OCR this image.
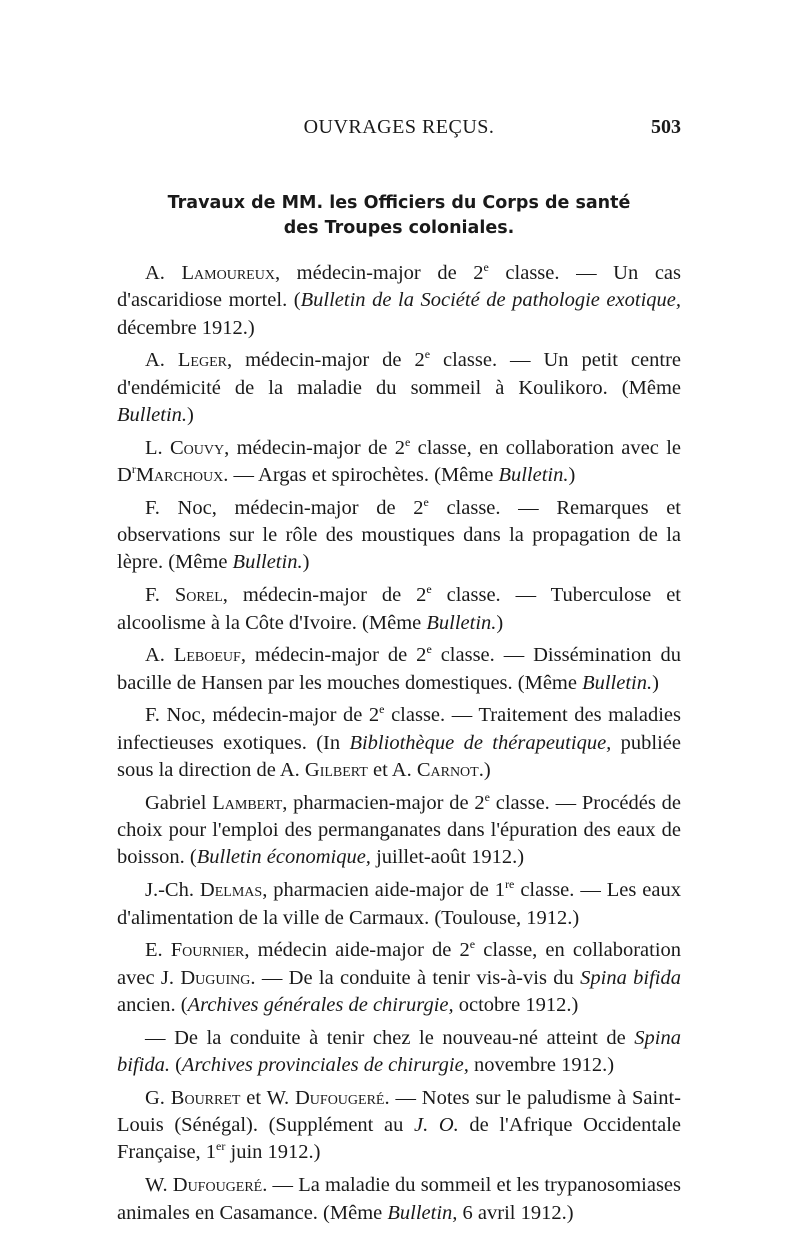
OUVRAGES REÇUS.	503
Travaux de MM. les Officiers du Corps de santé
des Troupes coloniales.

A. Lamoureux, médecin-major de 2e classe. — Un cas d'ascaridiose mortel. (Bulletin de la Société de pathologie exotique, décembre 1912.)

A. Leger, médecin-major de 2e classe. — Un petit centre d'endémicité de la maladie du sommeil à Koulikoro. (Même Bulletin.)

L. Couvy, médecin-major de 2e classe, en collaboration avec le $D^rMarchoux$. — Argas et spirochètes. (Même Bulletin.)

F. Noc, médecin-major de 2e classe. — Remarques et observations sur le rôle des moustiques dans la propagation de la lèpre. (Même Bulletin.)

F. Sorel, médecin-major de 2e classe. — Tuberculose et alcoolisme à la Côte d'Ivoire. (Même Bulletin.)

A. Leboeuf, médecin-major de 2e classe. — Dissémination du bacille de Hansen par les mouches domestiques. (Même Bulletin.)

F. Noc, médecin-major de 2e classe. — Traitement des maladies infectieuses exotiques. (In Bibliothèque de thérapeutique, publiée sous la direction de A. Gilbert et A. Carnot.)

Gabriel Lambert, pharmacien-major de 2e classe. — Procédés de choix pour l'emploi des permanganates dans l'épuration des eaux de boisson. (Bulletin économique, juillet-août 1912.)

J.-Ch. Delmas, pharmacien aide-major de 1re classe. — Les eaux d'alimentation de la ville de Carmaux. (Toulouse, 1912.)

E. Fournier, médecin aide-major de 2e classe, en collaboration avec J. Duguing. — De la conduite à tenir vis-à-vis du Spina bifida ancien. (Archives générales de chirurgie, octobre 1912.)

— De la conduite à tenir chez le nouveau-né atteint de Spina bifida. (Archives provinciales de chirurgie, novembre 1912.)

G. Bourret et W. Dufougeré. — Notes sur le paludisme à Saint-Louis (Sénégal). (Supplément au J. O. de l'Afrique Occidentale Française, 1er juin 1912.)

W. Dufougeré. — La maladie du sommeil et les trypanosomiases animales en Casamance. (Même Bulletin, 6 avril 1912.)
